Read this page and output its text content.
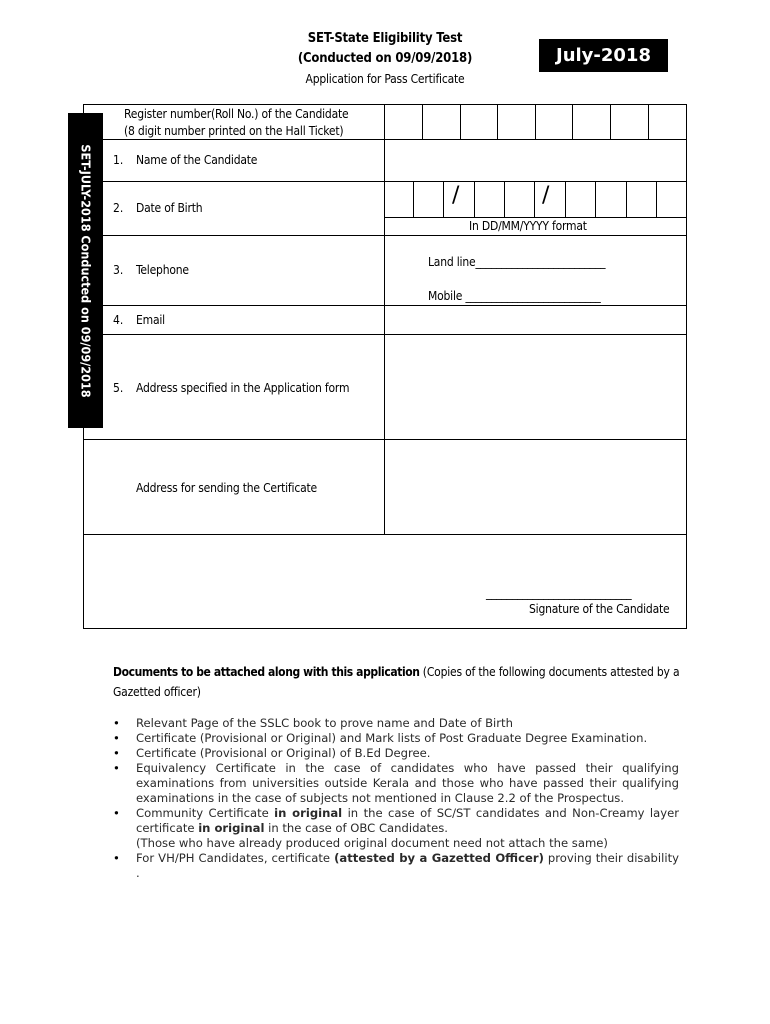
SET-State Eligibility Test
(Conducted on 09/09/2018)
Application for Pass Certificate
July-2018
/	/
Register number(Roll No.) of the Candidate
(8 digit number printed on the Hall Ticket)
1. Name of the Candidate
2. Date of Birth
In DD/MM/YYYY format
3. Telephone
Land line_________________________
Mobile __________________________
4. Email
5. Address specified in the Application form
Address for sending the Certificate
____________________________
Signature of the Candidate
SET-JULY-2018 Conducted on 09/09/2018
Documents to be attached along with this application (Copies of the following documents attested by a Gazetted officer)
• Relevant Page of the SSLC book to prove name and Date of Birth
• Certificate (Provisional or Original) and Mark lists of Post Graduate Degree Examination.
• Certificate (Provisional or Original) of B.Ed Degree.
• Equivalency Certificate in the case of candidates who have passed their qualifying examinations from universities outside Kerala and those who have passed their qualifying examinations in the case of subjects not mentioned in Clause 2.2 of the Prospectus.
• Community Certificate in original in the case of SC/ST candidates and Non-Creamy layer certificate in original in the case of OBC Candidates.
(Those who have already produced original document need not attach the same)
• For VH/PH Candidates, certificate (attested by a Gazetted Officer) proving their disability .
